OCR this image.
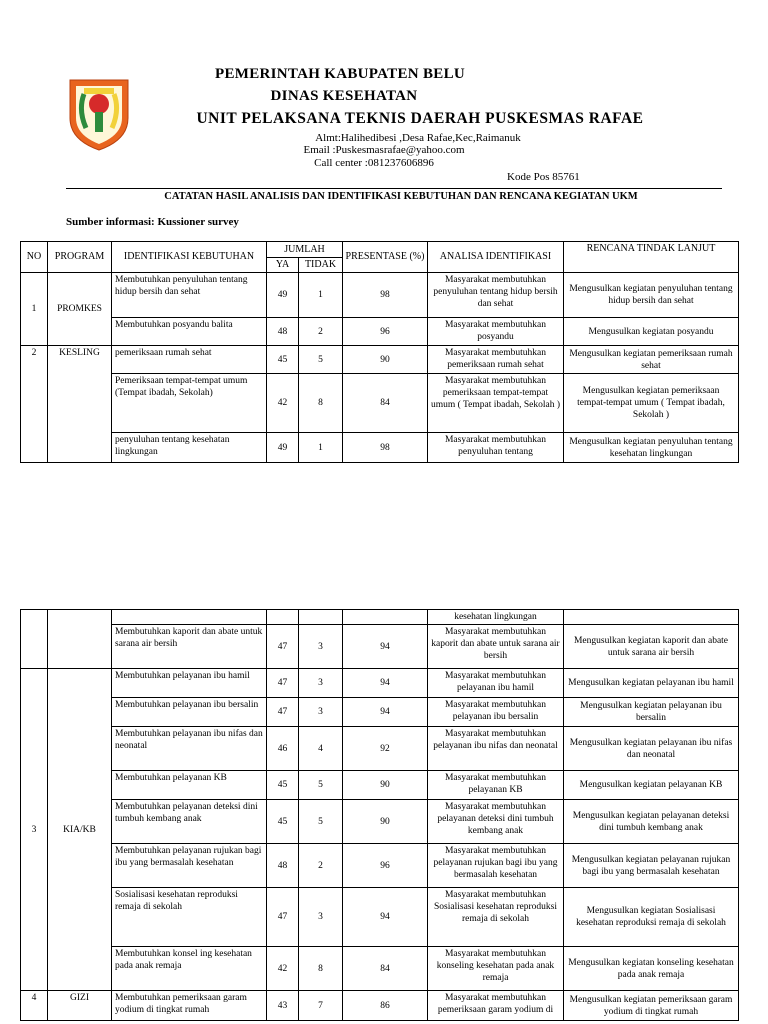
PEMERINTAH KABUPATEN BELU
DINAS KESEHATAN
UNIT PELAKSANA TEKNIS DAERAH PUSKESMAS RAFAE
Almt:Halihedibesi ,Desa Rafae,Kec,Raimanuk
Email :Puskesmasrafae@yahoo.com
Call center :081237606896
Kode Pos 85761
CATATAN HASIL ANALISIS DAN IDENTIFIKASI KEBUTUHAN DAN RENCANA KEGIATAN UKM
Sumber informasi: Kussioner survey
NO	PROGRAM	IDENTIFIKASI KEBUTUHAN	JUMLAH		PRESENTASE (%)	ANALISA IDENTIFIKASI	RENCANA TINDAK LANJUT
			YA	TIDAK			
1	PROMKES	Membutuhkan penyuluhan tentang hidup bersih dan sehat	49	1	98	Masyarakat membutuhkan penyuluhan tentang hidup bersih dan sehat	Mengusulkan kegiatan penyuluhan tentang hidup bersih dan sehat
		Membutuhkan posyandu balita	48	2	96	Masyarakat membutuhkan posyandu	Mengusulkan kegiatan posyandu
2	KESLING	pemeriksaan rumah sehat	45	5	90	Masyarakat membutuhkan pemeriksaan rumah sehat	Mengusulkan kegiatan pemeriksaan rumah sehat
		Pemeriksaan tempat-tempat umum (Tempat ibadah, Sekolah)	42	8	84	Masyarakat membutuhkan pemeriksaan tempat-tempat umum ( Tempat ibadah, Sekolah )	Mengusulkan kegiatan pemeriksaan tempat-tempat umum ( Tempat ibadah, Sekolah )
		penyuluhan tentang kesehatan lingkungan	49	1	98	Masyarakat membutuhkan penyuluhan tentang	Mengusulkan kegiatan penyuluhan tentang kesehatan lingkungan
						kesehatan lingkungan	
		Membutuhkan kaporit dan abate untuk sarana air bersih	47	3	94	Masyarakat membutuhkan kaporit dan abate untuk sarana air bersih	Mengusulkan kegiatan kaporit dan abate untuk sarana air bersih
3	KIA/KB	Membutuhkan pelayanan ibu hamil	47	3	94	Masyarakat membutuhkan pelayanan ibu hamil	Mengusulkan kegiatan pelayanan ibu hamil
		Membutuhkan pelayanan ibu bersalin	47	3	94	Masyarakat membutuhkan pelayanan ibu bersalin	Mengusulkan kegiatan pelayanan ibu bersalin
		Membutuhkan pelayanan ibu nifas dan neonatal	46	4	92	Masyarakat membutuhkan pelayanan ibu nifas dan neonatal	Mengusulkan kegiatan pelayanan ibu nifas dan neonatal
		Membutuhkan pelayanan KB	45	5	90	Masyarakat membutuhkan pelayanan KB	Mengusulkan kegiatan pelayanan KB
		Membutuhkan pelayanan deteksi dini tumbuh kembang anak	45	5	90	Masyarakat membutuhkan pelayanan deteksi dini tumbuh kembang anak	Mengusulkan kegiatan pelayanan deteksi dini tumbuh kembang anak
		Membutuhkan pelayanan rujukan bagi ibu yang bermasalah kesehatan	48	2	96	Masyarakat membutuhkan pelayanan rujukan bagi ibu yang bermasalah kesehatan	Mengusulkan kegiatan pelayanan rujukan bagi ibu yang bermasalah kesehatan
		Sosialisasi kesehatan reproduksi remaja di sekolah	47	3	94	Masyarakat membutuhkan Sosialisasi kesehatan reproduksi remaja di sekolah	Mengusulkan kegiatan Sosialisasi kesehatan reproduksi remaja di sekolah
		Membutuhkan konsel ing kesehatan pada anak remaja	42	8	84	Masyarakat membutuhkan konseling kesehatan pada anak remaja	Mengusulkan kegiatan konseling kesehatan pada anak remaja
4	GIZI	Membutuhkan pemeriksaan garam yodium di tingkat rumah	43	7	86	Masyarakat membutuhkan pemeriksaan garam yodium di	Mengusulkan kegiatan pemeriksaan garam yodium di tingkat rumah
